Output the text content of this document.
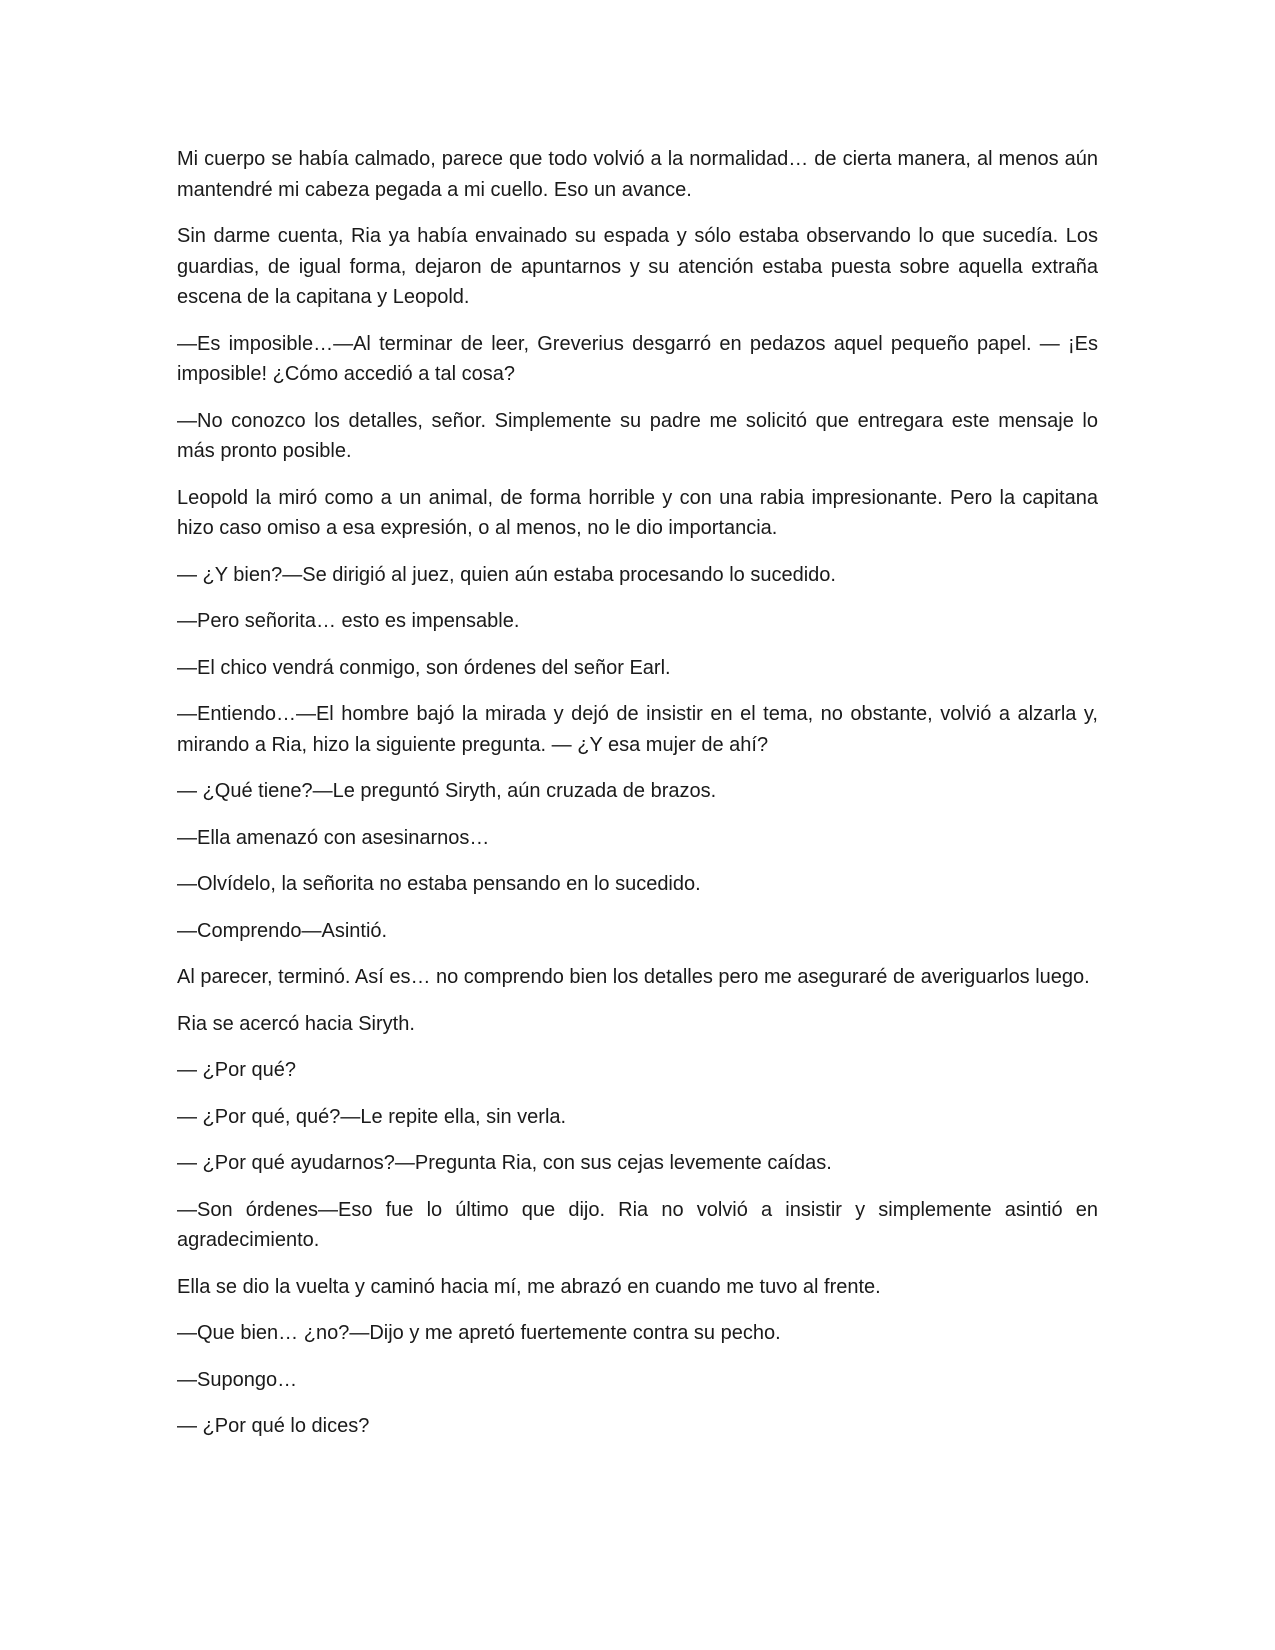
Mi cuerpo se había calmado, parece que todo volvió a la normalidad… de cierta manera, al menos aún mantendré mi cabeza pegada a mi cuello. Eso un avance.

Sin darme cuenta, Ria ya había envainado su espada y sólo estaba observando lo que sucedía. Los guardias, de igual forma, dejaron de apuntarnos y su atención estaba puesta sobre aquella extraña escena de la capitana y Leopold.

—Es imposible…—Al terminar de leer, Greverius desgarró en pedazos aquel pequeño papel. — ¡Es imposible! ¿Cómo accedió a tal cosa?

—No conozco los detalles, señor. Simplemente su padre me solicitó que entregara este mensaje lo más pronto posible.

Leopold la miró como a un animal, de forma horrible y con una rabia impresionante. Pero la capitana hizo caso omiso a esa expresión, o al menos, no le dio importancia.

— ¿Y bien?—Se dirigió al juez, quien aún estaba procesando lo sucedido.

—Pero señorita… esto es impensable.

—El chico vendrá conmigo, son órdenes del señor Earl.

—Entiendo…—El hombre bajó la mirada y dejó de insistir en el tema, no obstante, volvió a alzarla y, mirando a Ria, hizo la siguiente pregunta. — ¿Y esa mujer de ahí?

— ¿Qué tiene?—Le preguntó Siryth, aún cruzada de brazos.

—Ella amenazó con asesinarnos…

—Olvídelo, la señorita no estaba pensando en lo sucedido.

—Comprendo—Asintió.

Al parecer, terminó. Así es… no comprendo bien los detalles pero me aseguraré de averiguarlos luego.

Ria se acercó hacia Siryth.

— ¿Por qué?

— ¿Por qué, qué?—Le repite ella, sin verla.

— ¿Por qué ayudarnos?—Pregunta Ria, con sus cejas levemente caídas.

—Son órdenes—Eso fue lo último que dijo. Ria no volvió a insistir y simplemente asintió en agradecimiento.

Ella se dio la vuelta y caminó hacia mí, me abrazó en cuando me tuvo al frente.

—Que bien… ¿no?—Dijo y me apretó fuertemente contra su pecho.

—Supongo…

— ¿Por qué lo dices?
